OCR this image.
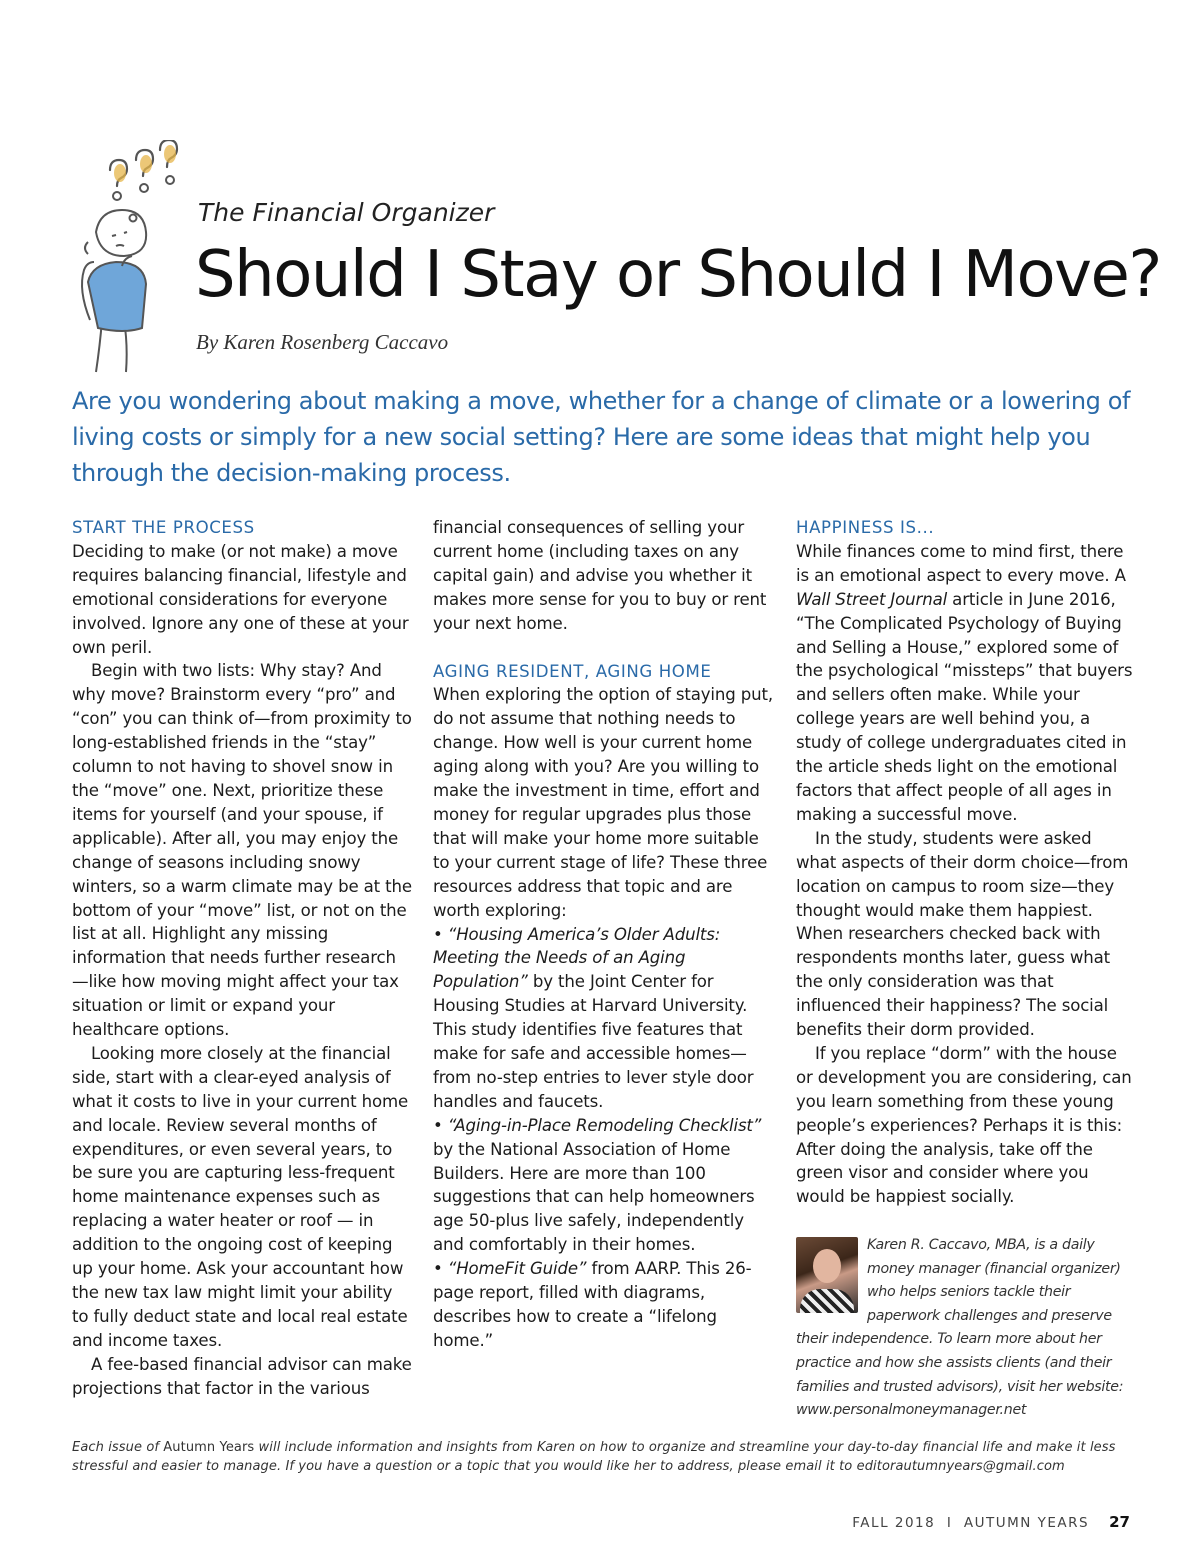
The Financial Organizer
Should I Stay or Should I Move?
By Karen Rosenberg Caccavo
Are you wondering about making a move, whether for a change of climate or a lowering of living costs or simply for a new social setting? Here are some ideas that might help you through the decision-making process.

START THE PROCESS

Deciding to make (or not make) a move requires balancing financial, lifestyle and emotional considerations for everyone involved. Ignore any one of these at your own peril.

Begin with two lists: Why stay? And why move? Brainstorm every “pro” and “con” you can think of—from proximity to long-established friends in the “stay” column to not having to shovel snow in the “move” one. Next, prioritize these items for yourself (and your spouse, if applicable). After all, you may enjoy the change of seasons including snowy winters, so a warm climate may be at the bottom of your “move” list, or not on the list at all. Highlight any missing information that needs further research—like how moving might affect your tax situation or limit or expand your healthcare options.

Looking more closely at the financial side, start with a clear-eyed analysis of what it costs to live in your current home and locale. Review several months of expenditures, or even several years, to be sure you are capturing less-frequent home maintenance expenses such as replacing a water heater or roof — in addition to the ongoing cost of keeping up your home. Ask your accountant how the new tax law might limit your ability to fully deduct state and local real estate and income taxes.

A fee-based financial advisor can make projections that factor in the various

financial consequences of selling your current home (including taxes on any capital gain) and advise you whether it makes more sense for you to buy or rent your next home.

AGING RESIDENT, AGING HOME

When exploring the option of staying put, do not assume that nothing needs to change. How well is your current home aging along with you? Are you willing to make the investment in time, effort and money for regular upgrades plus those that will make your home more suitable to your current stage of life? These three resources address that topic and are worth exploring:

• “Housing America’s Older Adults: Meeting the Needs of an Aging Population” by the Joint Center for Housing Studies at Harvard University. This study identifies five features that make for safe and accessible homes—from no-step entries to lever style door handles and faucets.

• “Aging-in-Place Remodeling Checklist” by the National Association of Home Builders. Here are more than 100 suggestions that can help homeowners age 50-plus live safely, independently and comfortably in their homes.

• “HomeFit Guide” from AARP. This 26-page report, filled with diagrams, describes how to create a “lifelong home.”

HAPPINESS IS...

While finances come to mind first, there is an emotional aspect to every move. A Wall Street Journal article in June 2016, “The Complicated Psychology of Buying and Selling a House,” explored some of the psychological “missteps” that buyers and sellers often make. While your college years are well behind you, a study of college undergraduates cited in the article sheds light on the emotional factors that affect people of all ages in making a successful move.

In the study, students were asked what aspects of their dorm choice—from location on campus to room size—they thought would make them happiest. When researchers checked back with respondents months later, guess what the only consideration was that influenced their happiness? The social benefits their dorm provided.

If you replace “dorm” with the house or development you are considering, can you learn something from these young people’s experiences? Perhaps it is this: After doing the analysis, take off the green visor and consider where you would be happiest socially.

Karen R. Caccavo, MBA, is a daily money manager (financial organizer) who helps seniors tackle their paperwork challenges and preserve their independence. To learn more about her practice and how she assists clients (and their families and trusted advisors), visit her website: www.personalmoneymanager.net
Each issue of Autumn Years will include information and insights from Karen on how to organize and streamline your day-to-day financial life and make it less stressful and easier to manage. If you have a question or a topic that you would like her to address, please email it to editorautumnyears@gmail.com
FALL 2018  I  AUTUMN YEARS 27
